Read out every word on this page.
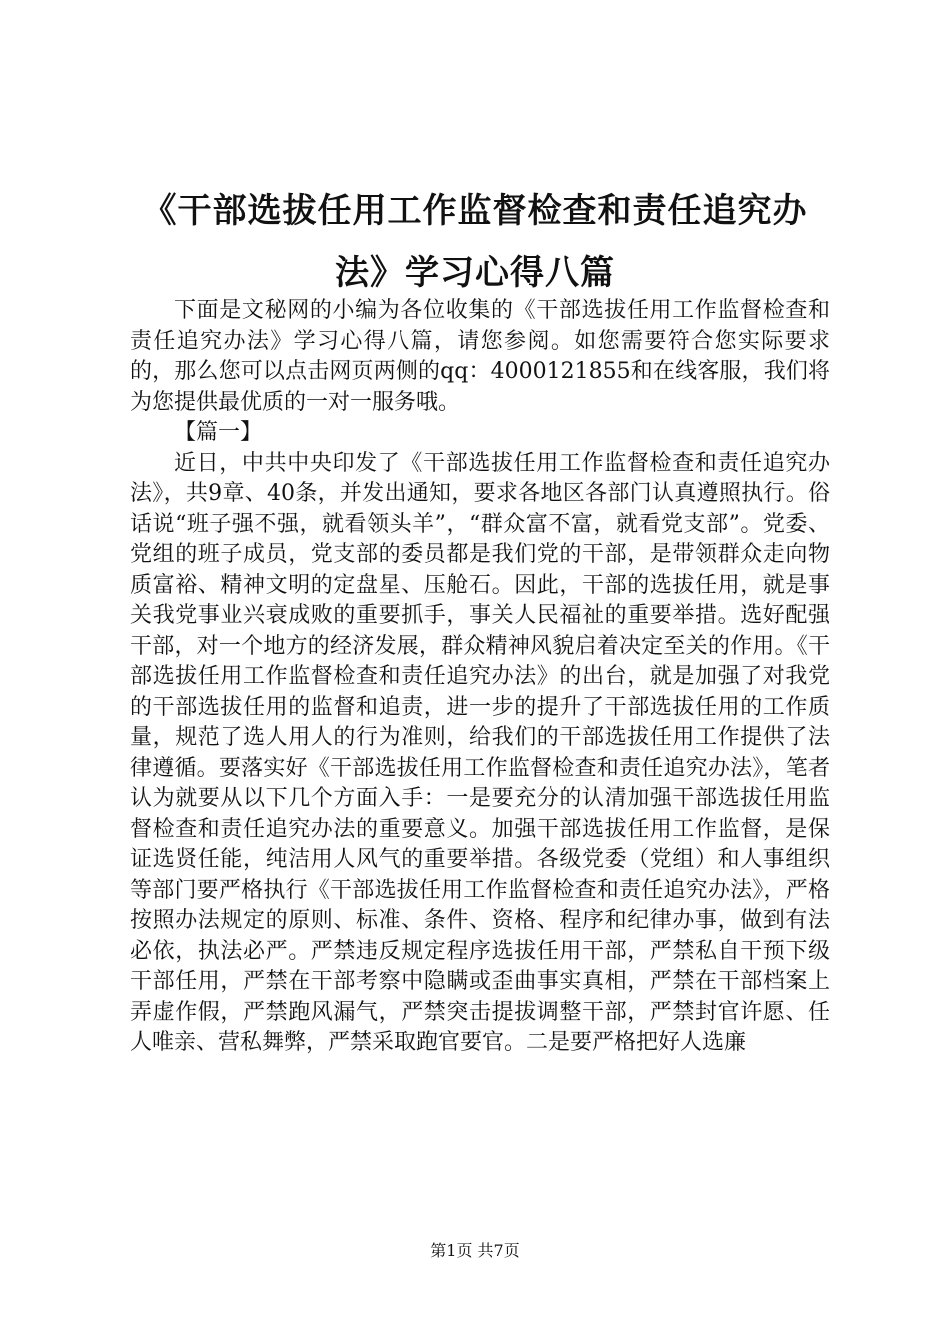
《干部选拔任用工作监督检查和责任追究办法》学习心得八篇

下面是文秘网的小编为各位收集的《干部选拔任用工作监督检查和责任追究办法》学习心得八篇，请您参阅。如您需要符合您实际要求的，那么您可以点击网页两侧的qq：4000121855和在线客服，我们将为您提供最优质的一对一服务哦。

【篇一】

近日，中共中央印发了《干部选拔任用工作监督检查和责任追究办法》，共9章、40条，并发出通知，要求各地区各部门认真遵照执行。俗话说“班子强不强，就看领头羊”，“群众富不富，就看党支部”。党委、党组的班子成员，党支部的委员都是我们党的干部，是带领群众走向物质富裕、精神文明的定盘星、压舱石。因此，干部的选拔任用，就是事关我党事业兴衰成败的重要抓手，事关人民福祉的重要举措。选好配强干部，对一个地方的经济发展，群众精神风貌启着决定至关的作用。《干部选拔任用工作监督检查和责任追究办法》的出台，就是加强了对我党的干部选拔任用的监督和追责，进一步的提升了干部选拔任用的工作质量，规范了选人用人的行为准则，给我们的干部选拔任用工作提供了法律遵循。要落实好《干部选拔任用工作监督检查和责任追究办法》，笔者认为就要从以下几个方面入手：一是要充分的认清加强干部选拔任用监督检查和责任追究办法的重要意义。加强干部选拔任用工作监督，是保证选贤任能，纯洁用人风气的重要举措。各级党委（党组）和人事组织等部门要严格执行《干部选拔任用工作监督检查和责任追究办法》，严格按照办法规定的原则、标准、条件、资格、程序和纪律办事，做到有法必依，执法必严。严禁违反规定程序选拔任用干部，严禁私自干预下级干部任用，严禁在干部考察中隐瞒或歪曲事实真相，严禁在干部档案上弄虚作假，严禁跑风漏气，严禁突击提拔调整干部，严禁封官许愿、任人唯亲、营私舞弊，严禁采取跑官要官。二是要严格把好人选廉

第1页 共7页
